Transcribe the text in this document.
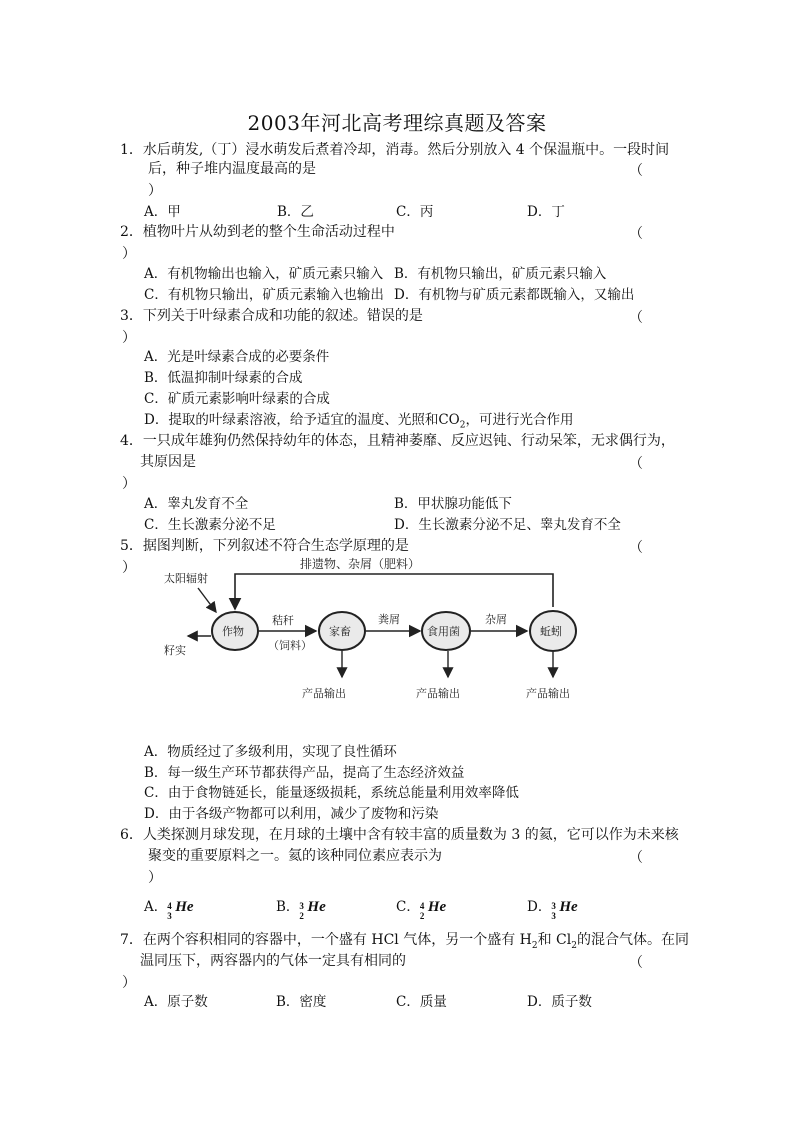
2003年河北高考理综真题及答案
1．水后萌发,（丁）浸水萌发后煮着冷却，消毒。然后分别放入 4 个保温瓶中。一段时间
后，种子堆内温度最高的是	（
）
A．甲	B．乙	C．丙	D．丁
2．植物叶片从幼到老的整个生命活动过程中	（
）
A．有机物输出也输入，矿质元素只输入 B．有机物只输出，矿质元素只输入
C．有机物只输出，矿质元素输入也输出 D．有机物与矿质元素都既输入，又输出
3．下列关于叶绿素合成和功能的叙述。错误的是	（
）
A．光是叶绿素合成的必要条件
B．低温抑制叶绿素的合成
C．矿质元素影响叶绿素的合成
D．提取的叶绿素溶液，给予适宜的温度、光照和$CO_2$，可进行光合作用
4．一只成年雄狗仍然保持幼年的体态，且精神萎靡、反应迟钝、行动呆笨，无求偶行为，
其原因是	（
）
A．睾丸发育不全	B．甲状腺功能低下
C．生长激素分泌不足	D．生长激素分泌不足、睾丸发育不全
5．据图判断，下列叙述不符合生态学原理的是	（
）	排遗物、杂屑（肥料）
太阳辐射
作物	家畜	食用菌	蚯蚓
秸秆
（饲料）
粪屑	杂屑
籽实
产品输出	产品输出	产品输出
A．物质经过了多级利用，实现了良性循环
B．每一级生产环节都获得产品，提高了生态经济效益
C．由于食物链延长，能量逐级损耗，系统总能量利用效率降低
D．由于各级产物都可以利用，减少了废物和污染
6．人类探测月球发现，在月球的土壤中含有较丰富的质量数为 3 的氦，它可以作为未来核
聚变的重要原料之一。氦的该种同位素应表示为	（
）
A． 4
3
He	B． 3
2
He	C． 4
2
He	D． 3
3
He
7．在两个容积相同的容器中，一个盛有 HCl 气体，另一个盛有 $H_2$和 $Cl_2$的混合气体。在同
温同压下，两容器内的气体一定具有相同的	（
）
A．原子数	B．密度	C．质量	D．质子数
